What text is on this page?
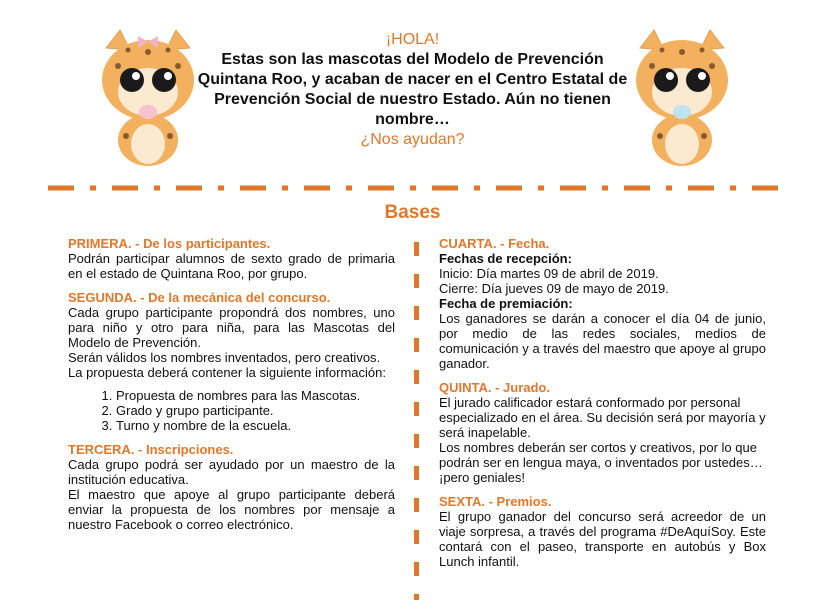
¡HOLA!

Estas son las mascotas del Modelo de Prevención Quintana Roo, y acaban de nacer en el Centro Estatal de Prevención Social de nuestro Estado. Aún no tienen nombre…

¿Nos ayudan?
Bases
PRIMERA. - De los participantes.

Podrán participar alumnos de sexto grado de primaria en el estado de Quintana Roo, por grupo.

SEGUNDA. - De la mecánica del concurso.

Cada grupo participante propondrá dos nombres, uno para niño y otro para niña, para las Mascotas del Modelo de Prevención.

Serán válidos los nombres inventados, pero creativos.

La propuesta deberá contener la siguiente información:

1. Propuesta de nombres para las Mascotas.
2. Grado y grupo participante.
3. Turno y nombre de la escuela.
TERCERA. - Inscripciones.

Cada grupo podrá ser ayudado por un maestro de la institución educativa.

El maestro que apoye al grupo participante deberá enviar la propuesta de los nombres por mensaje a nuestro Facebook o correo electrónico.

CUARTA. - Fecha.
Fechas de recepción:

Inicio: Día martes 09 de abril de 2019.

Cierre: Día jueves 09 de mayo de 2019.

Fecha de premiación:

Los ganadores se darán a conocer el día 04 de junio, por medio de las redes sociales, medios de comunicación y a través del maestro que apoye al grupo ganador.

QUINTA. - Jurado.

El jurado calificador estará conformado por personal especializado en el área. Su decisión será por mayoría y será inapelable.

Los nombres deberán ser cortos y creativos, por lo que podrán ser en lengua maya, o inventados por ustedes… ¡pero geniales!

SEXTA. - Premios.

El grupo ganador del concurso será acreedor de un viaje sorpresa, a través del programa #DeAquíSoy. Este contará con el paseo, transporte en autobús y Box Lunch infantil.
